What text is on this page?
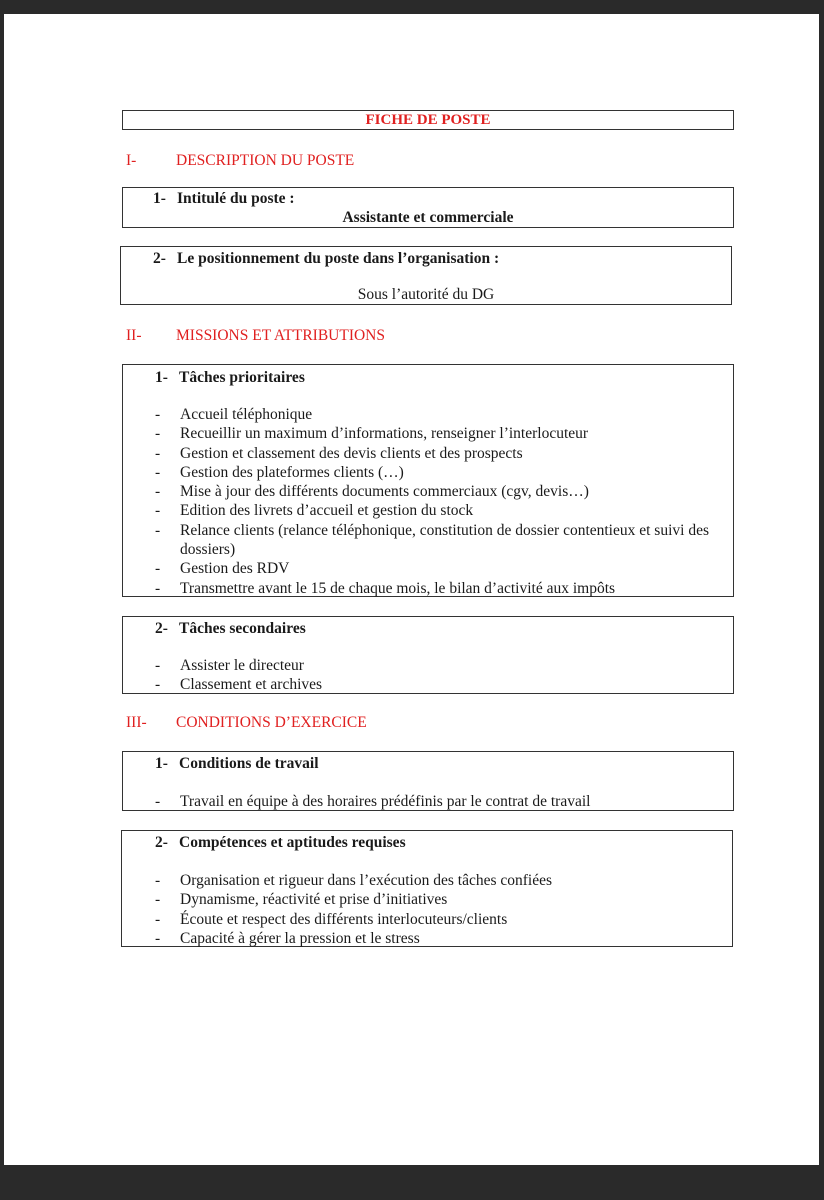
FICHE DE POSTE
I-	DESCRIPTION DU POSTE
1- Intitulé du poste :
Assistante et commerciale
2- Le positionnement du poste dans l’organisation :
Sous l’autorité du DG
II- MISSIONS ET ATTRIBUTIONS
1- Tâches prioritaires
- Accueil téléphonique
- Recueillir un maximum d’informations, renseigner l’interlocuteur
- Gestion et classement des devis clients et des prospects
- Gestion des plateformes clients (…)
- Mise à jour des différents documents commerciaux (cgv, devis…)
- Edition des livrets d’accueil et gestion du stock
- Relance clients (relance téléphonique, constitution de dossier contentieux et suivi des dossiers)
- Gestion des RDV
- Transmettre avant le 15 de chaque mois, le bilan d’activité aux impôts
2- Tâches secondaires
- Assister le directeur
- Classement et archives
III- CONDITIONS D’EXERCICE
1- Conditions de travail
- Travail en équipe à des horaires prédéfinis par le contrat de travail
2- Compétences et aptitudes requises
- Organisation et rigueur dans l’exécution des tâches confiées
- Dynamisme, réactivité et prise d’initiatives
- Écoute et respect des différents interlocuteurs/clients
- Capacité à gérer la pression et le stress
